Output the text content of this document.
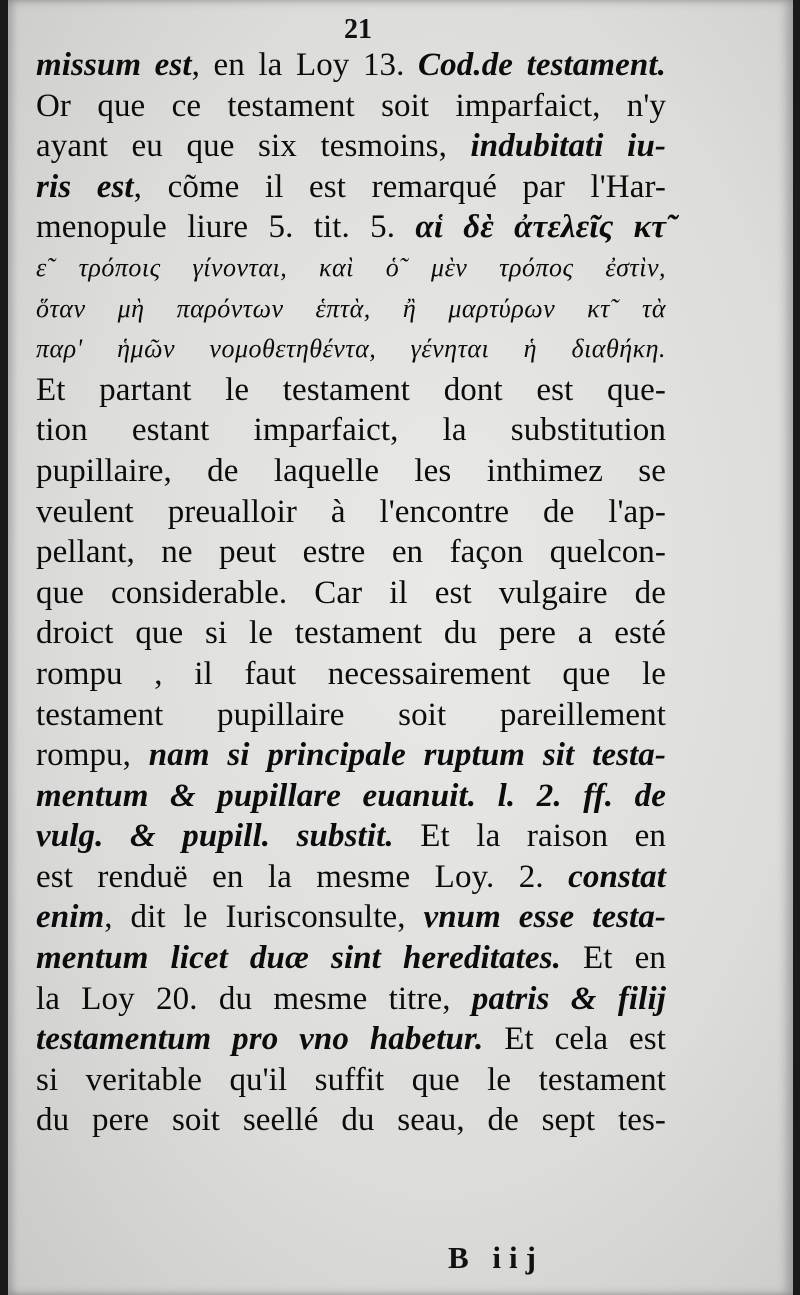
21
missum est, en la Loy 13. Cod.de testament.
Or que ce testament soit imparfaict, n'y
ayant eu que six tesmoins, indubitati iu-
ris est, cõme il est remarqué par l'Har-
menopule liure 5. tit. 5. αἱ δὲ ἀτελεῖς κτ̃
ε̃ τρόποις γίνονται, καὶ ὁ̃ μὲν τρόπος ἐστὶν,
ὅταν μὴ παρόντων ἑπτὰ, ἢ μαρτύρων κτ̃ τὰ
παρ' ἡμῶν νομοθετηθέντα, γένηται ἡ διαθήκη.
Et partant le testament dont est que-
tion estant imparfaict, la substitution
pupillaire, de laquelle les inthimez se
veulent preualloir à l'encontre de l'ap-
pellant, ne peut estre en façon quelcon-
que considerable. Car il est vulgaire de
droict que si le testament du pere a esté
rompu , il faut necessairement que le
testament pupillaire soit pareillement
rompu, nam si principale ruptum sit testa-
mentum & pupillare euanuit. l. 2. ff. de
vulg. & pupill. substit. Et la raison en
est renduë en la mesme Loy. 2. constat
enim, dit le Iurisconsulte, vnum esse testa-
mentum licet duæ sint hereditates. Et en
la Loy 20. du mesme titre, patris & filij
testamentum pro vno habetur. Et cela est
si veritable qu'il suffit que le testament
du pere soit seellé du seau, de sept tes-
B iij
